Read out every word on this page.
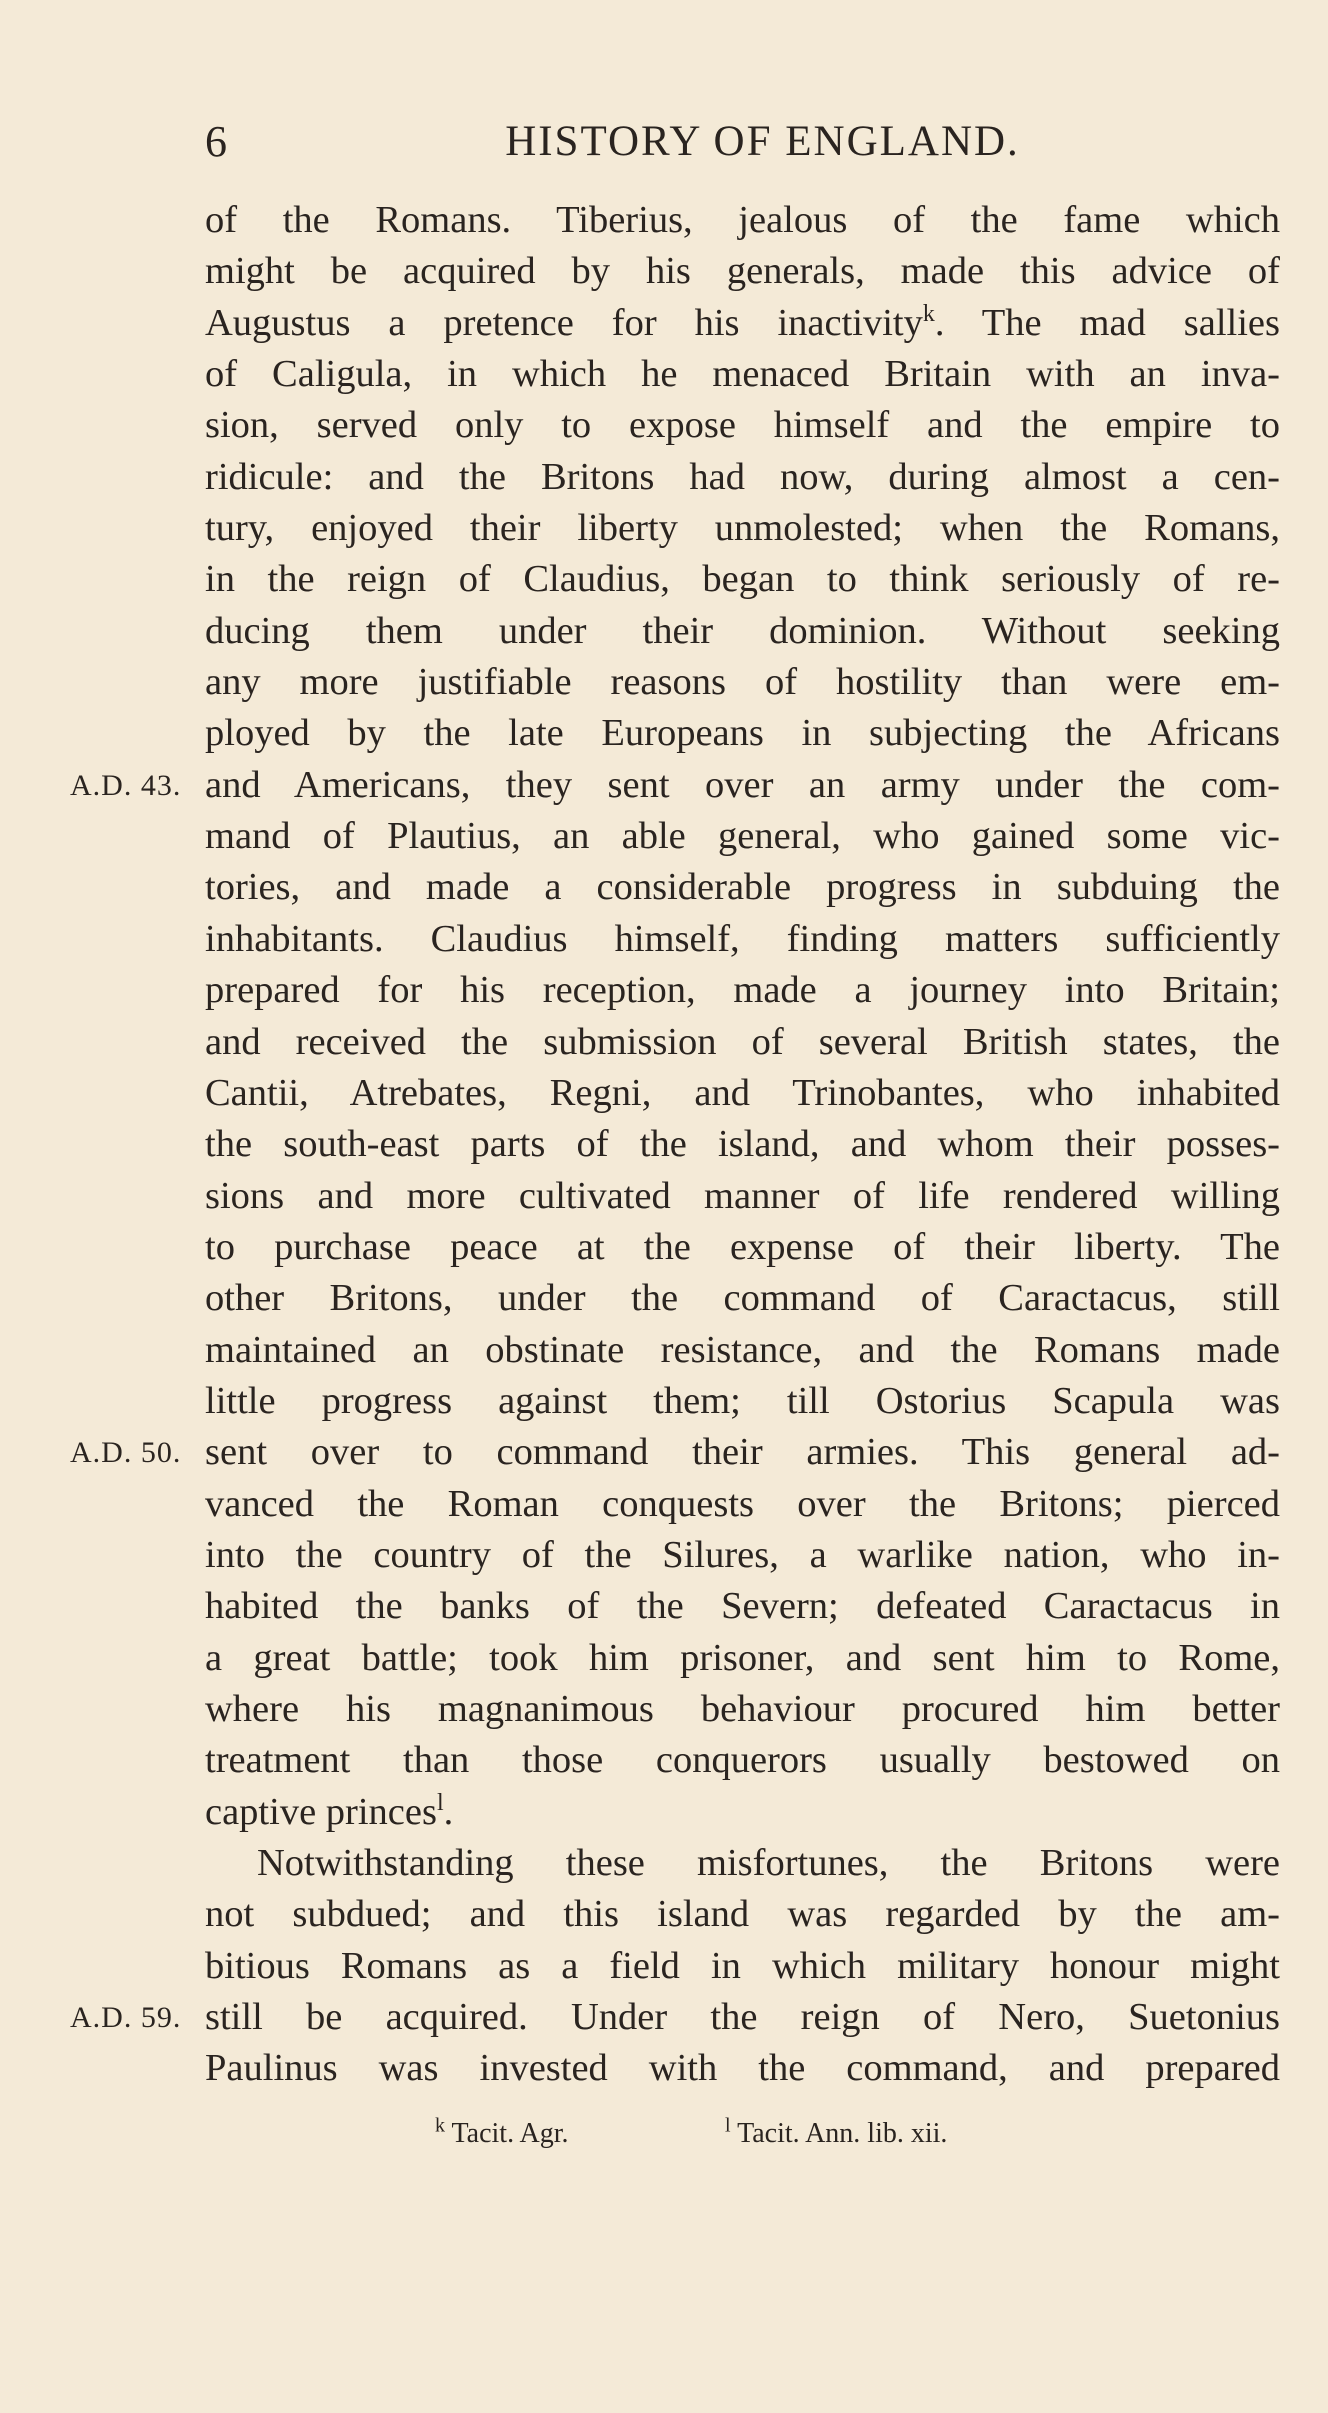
6	HISTORY OF ENGLAND.
of the Romans. Tiberius, jealous of the fame which
might be acquired by his generals, made this advice of
Augustus a pretence for his inactivity$^k$. The mad sallies
of Caligula, in which he menaced Britain with an inva-
sion, served only to expose himself and the empire to
ridicule: and the Britons had now, during almost a cen-
tury, enjoyed their liberty unmolested; when the Romans,
in the reign of Claudius, began to think seriously of re-
ducing them under their dominion. Without seeking
any more justifiable reasons of hostility than were em-
ployed by the late Europeans in subjecting the Africans
A.D. 43. and Americans, they sent over an army under the com-
mand of Plautius, an able general, who gained some vic-
tories, and made a considerable progress in subduing the
inhabitants. Claudius himself, finding matters sufficiently
prepared for his reception, made a journey into Britain;
and received the submission of several British states, the
Cantii, Atrebates, Regni, and Trinobantes, who inhabited
the south-east parts of the island, and whom their posses-
sions and more cultivated manner of life rendered willing
to purchase peace at the expense of their liberty. The
other Britons, under the command of Caractacus, still
maintained an obstinate resistance, and the Romans made
little progress against them; till Ostorius Scapula was
A.D. 50. sent over to command their armies. This general ad-
vanced the Roman conquests over the Britons; pierced
into the country of the Silures, a warlike nation, who in-
habited the banks of the Severn; defeated Caractacus in
a great battle; took him prisoner, and sent him to Rome,
where his magnanimous behaviour procured him better
treatment than those conquerors usually bestowed on
captive princes$^l$.
Notwithstanding these misfortunes, the Britons were
not subdued; and this island was regarded by the am-
bitious Romans as a field in which military honour might
A.D. 59. still be acquired. Under the reign of Nero, Suetonius
Paulinus was invested with the command, and prepared
$^k$ Tacit. Agr.	$^l$ Tacit. Ann. lib. xii.
